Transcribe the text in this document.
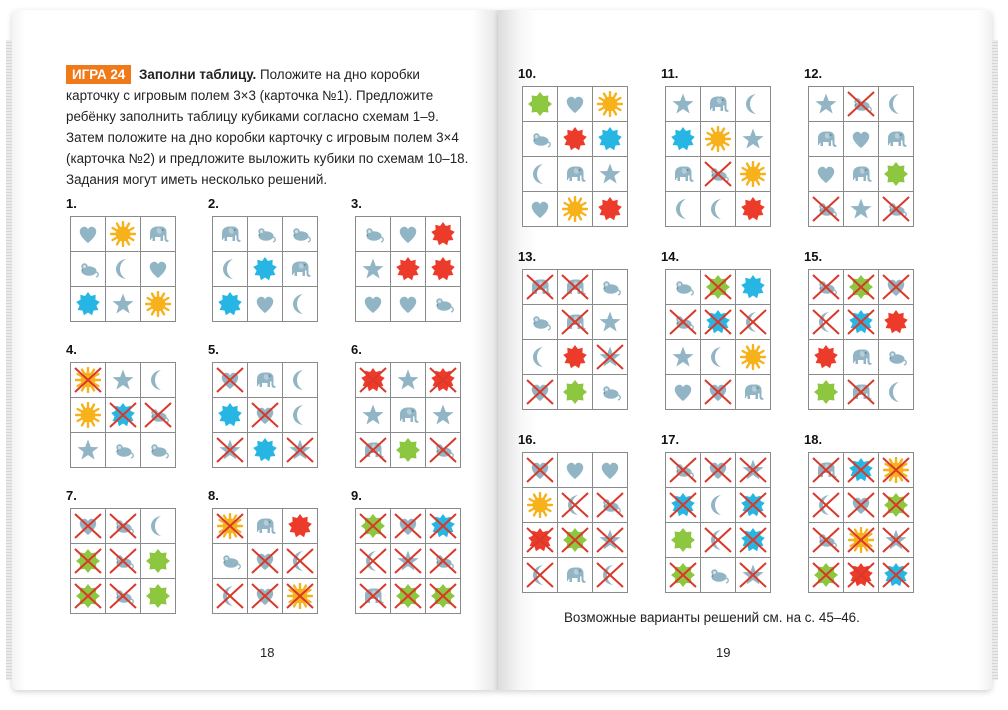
ИГРА 24 Заполни таблицу. Положите на дно коробки карточку с игровым полем 3×3 (карточка №1). Предложите ребёнку заполнить таблицу кубиками согласно схемам 1–9. Затем положите на дно коробки карточку с игровым полем 3×4 (карточка №2) и предложите выложить кубики по схемам 10–18. Задания могут иметь несколько решений.
1.	2.	3.
4.	5.	6.
7.	8.	9.
10.	11.	12.
13.	14.	15.
16.	17.	18.
Возможные варианты решений см. на с. 45–46.
18	19
